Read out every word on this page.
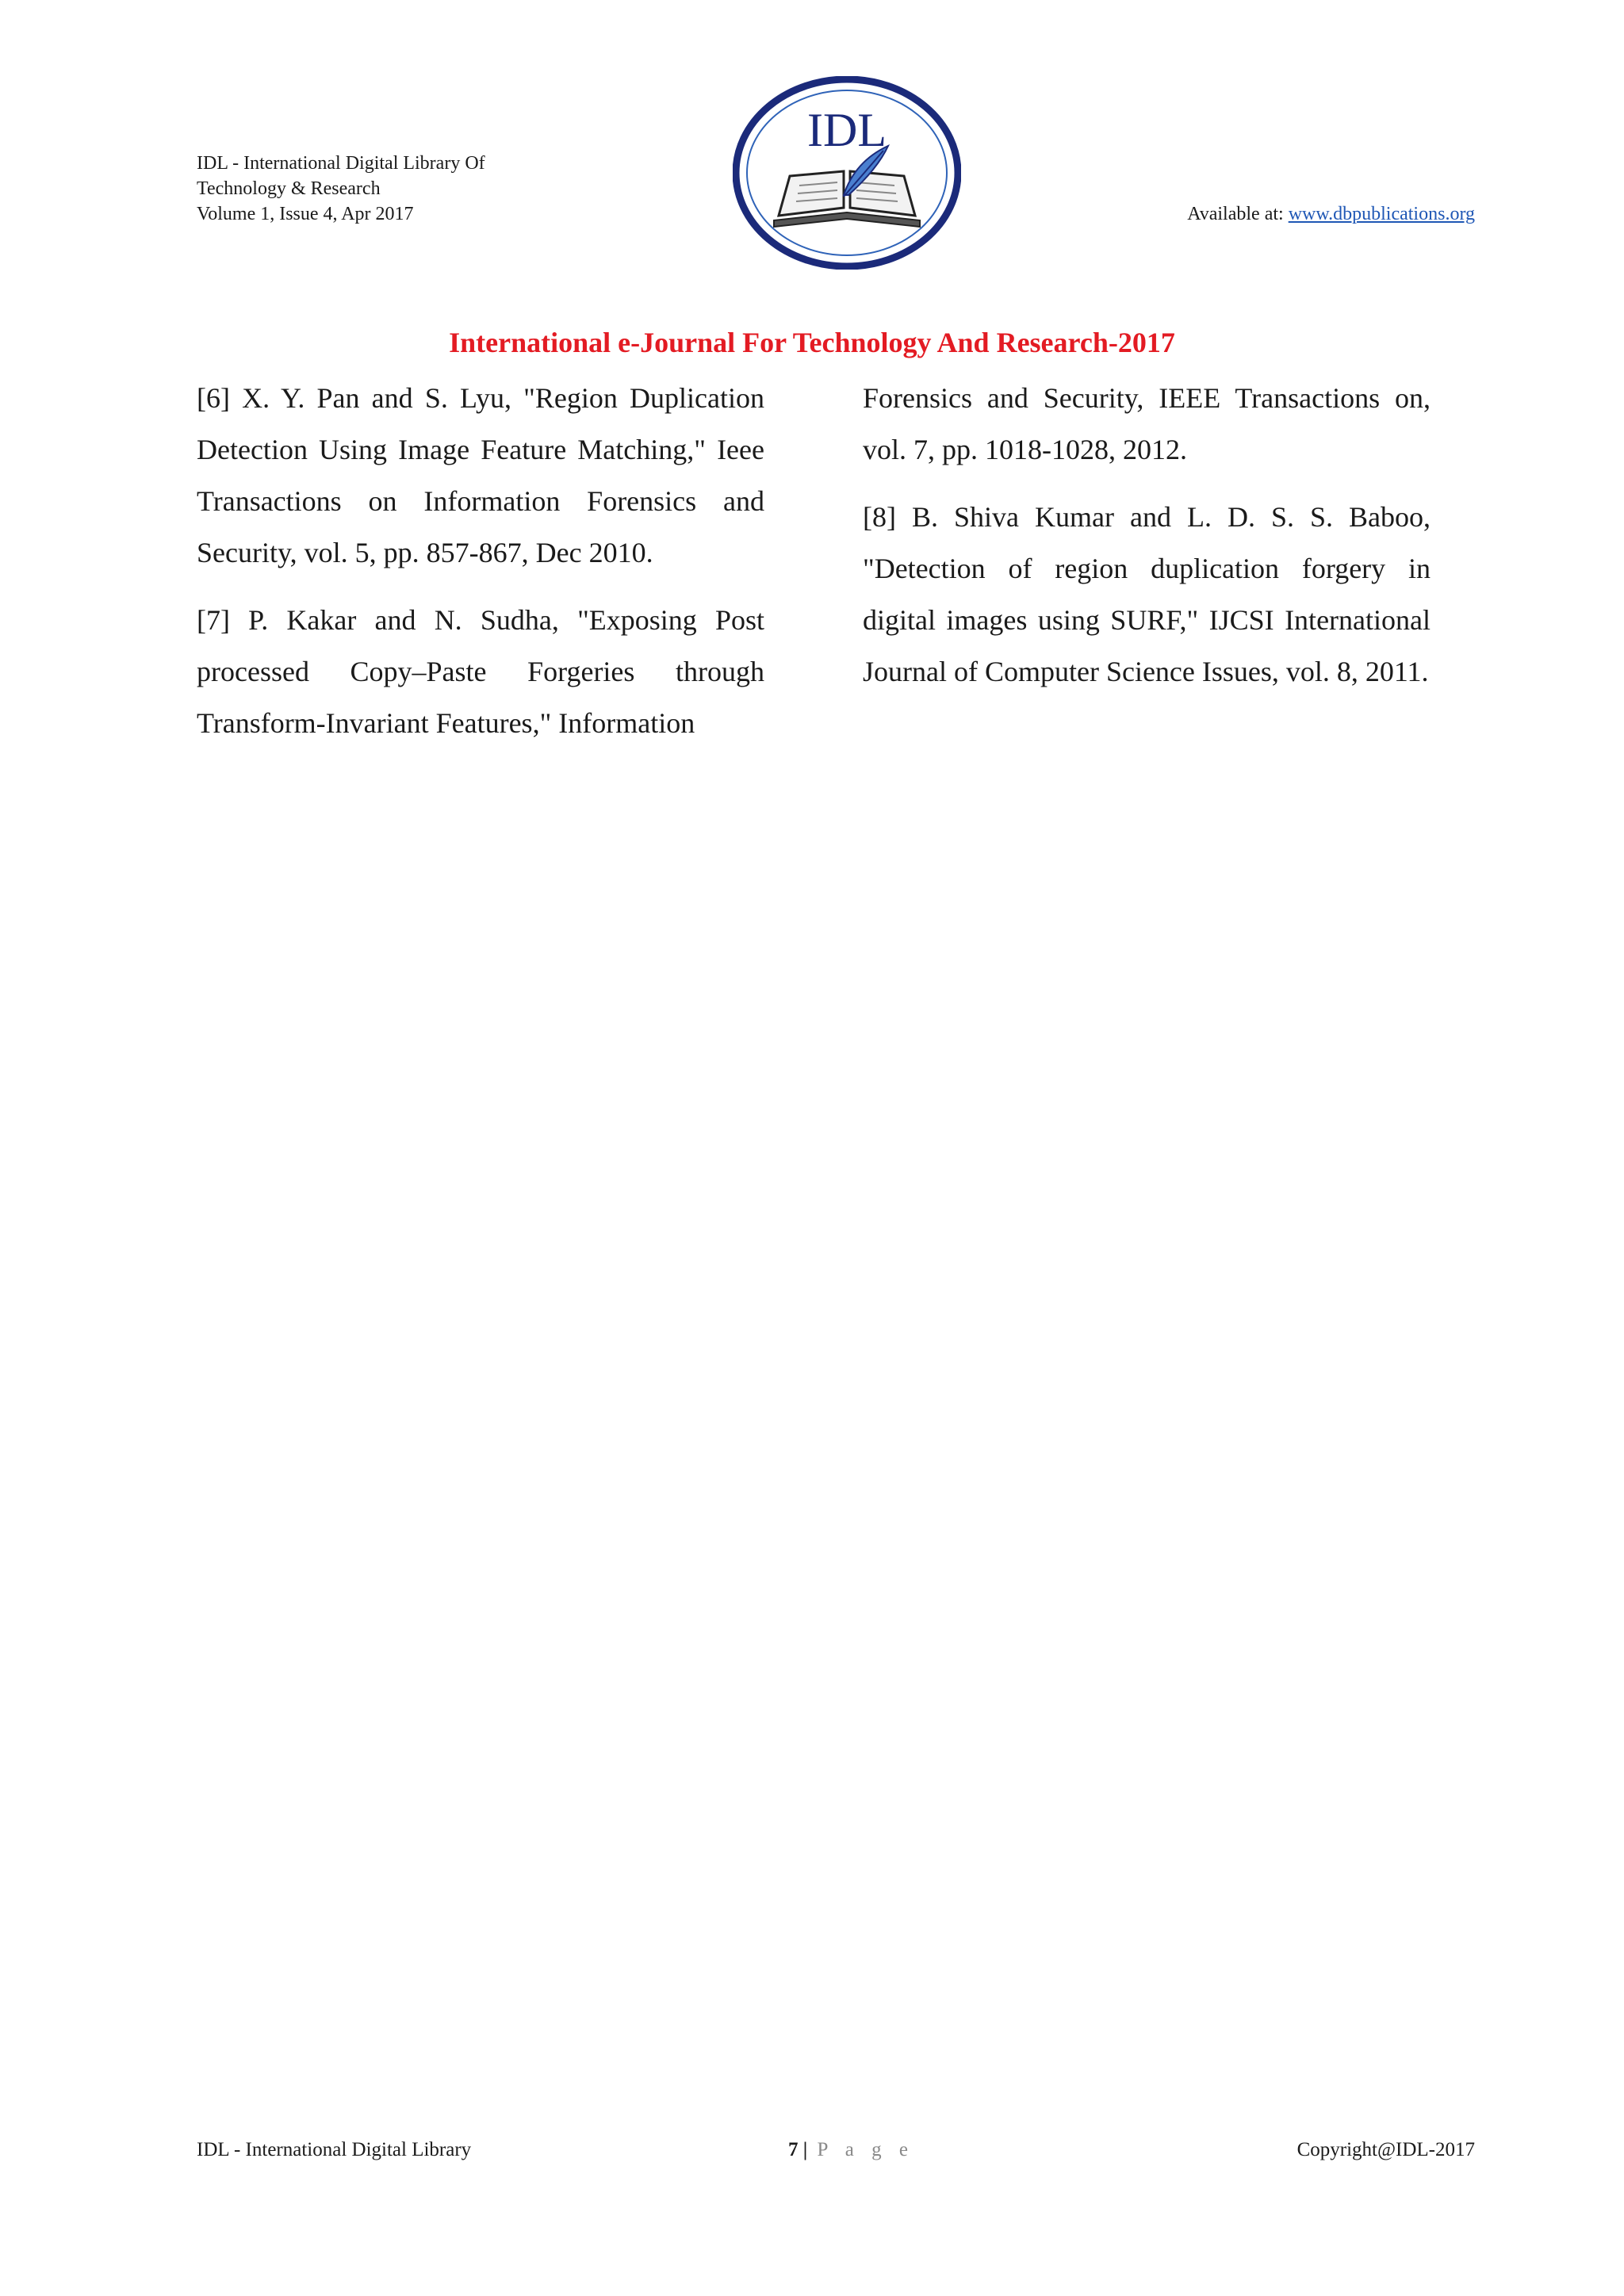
IDL - International Digital Library Of
Technology & Research
Volume 1, Issue 4, Apr 2017
IDL
Available at: www.dbpublications.org
International e-Journal For Technology And Research-2017

[6] X. Y. Pan and S. Lyu, "Region Duplication Detection Using Image Feature Matching," Ieee Transactions on Information Forensics and Security, vol. 5, pp. 857-867, Dec 2010.

[7] P. Kakar and N. Sudha, "Exposing Post processed Copy–Paste Forgeries through Transform-Invariant Features," Information

Forensics and Security, IEEE Transactions on, vol. 7, pp. 1018-1028, 2012.

[8] B. Shiva Kumar and L. D. S. S. Baboo, "Detection of region duplication forgery in digital images using SURF," IJCSI International Journal of Computer Science Issues, vol. 8, 2011.

IDL - International Digital Library	7 | P a g e	Copyright@IDL-2017
